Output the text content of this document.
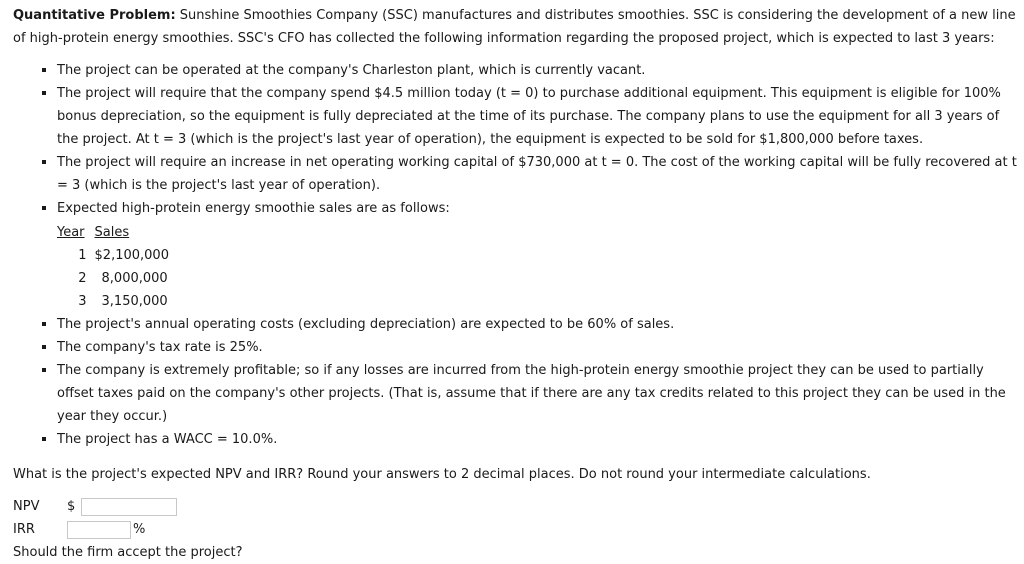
Quantitative Problem: Sunshine Smoothies Company (SSC) manufactures and distributes smoothies. SSC is considering the development of a new line of high-protein energy smoothies. SSC's CFO has collected the following information regarding the proposed project, which is expected to last 3 years:

The project can be operated at the company's Charleston plant, which is currently vacant.
The project will require that the company spend $4.5 million today (t = 0) to purchase additional equipment. This equipment is eligible for 100% bonus depreciation, so the equipment is fully depreciated at the time of its purchase. The company plans to use the equipment for all 3 years of the project. At t = 3 (which is the project's last year of operation), the equipment is expected to be sold for $1,800,000 before taxes.
The project will require an increase in net operating working capital of $730,000 at t = 0. The cost of the working capital will be fully recovered at t = 3 (which is the project's last year of operation).
Expected high-protein energy smoothie sales are as follows:
Year	Sales
1	$2,100,000
2	8,000,000
3	3,150,000
The project's annual operating costs (excluding depreciation) are expected to be 60% of sales.
The company's tax rate is 25%.
The company is extremely profitable; so if any losses are incurred from the high-protein energy smoothie project they can be used to partially offset taxes paid on the company's other projects. (That is, assume that if there are any tax credits related to this project they can be used in the year they occur.)
The project has a WACC = 10.0%.

What is the project's expected NPV and IRR? Round your answers to 2 decimal places. Do not round your intermediate calculations.

NPV	$
IRR	%
Should the firm accept the project?
